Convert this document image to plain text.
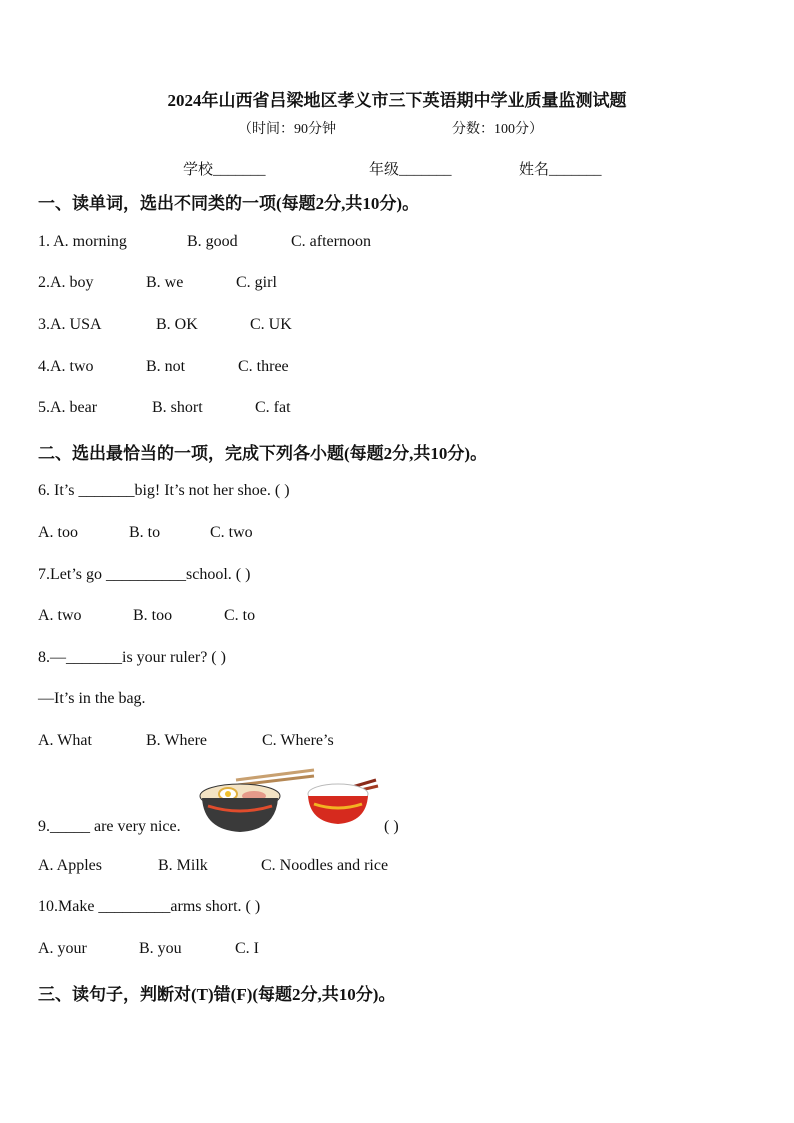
2024年山西省吕梁地区孝义市三下英语期中学业质量监测试题
（时间：90分钟	分数：100分）
学校_______	年级_______	姓名_______
一、读单词，选出不同类的一项(每题2分,共10分)。
1. A. morning	B. good	C. afternoon
2.A. boy	B. we	C. girl
3.A. USA	B. OK	C. UK
4.A. two	B. not	C. three
5.A. bear	B. short	C. fat
二、选出最恰当的一项，完成下列各小题(每题2分,共10分)。
6. It’s _______big! It’s not her shoe. ( )
A. too	B. to	C. two
7.Let’s go __________school. ( )
A. two	B. too	C. to
8.—_______is your ruler? ( )
—It’s in the bag.
A. What	B. Where	C. Where’s
9._____ are very nice.	( )
A. Apples	B. Milk	C. Noodles and rice
10.Make _________arms short. ( )
A. your	B. you	C. I
三、读句子，判断对(T)错(F)(每题2分,共10分)。
